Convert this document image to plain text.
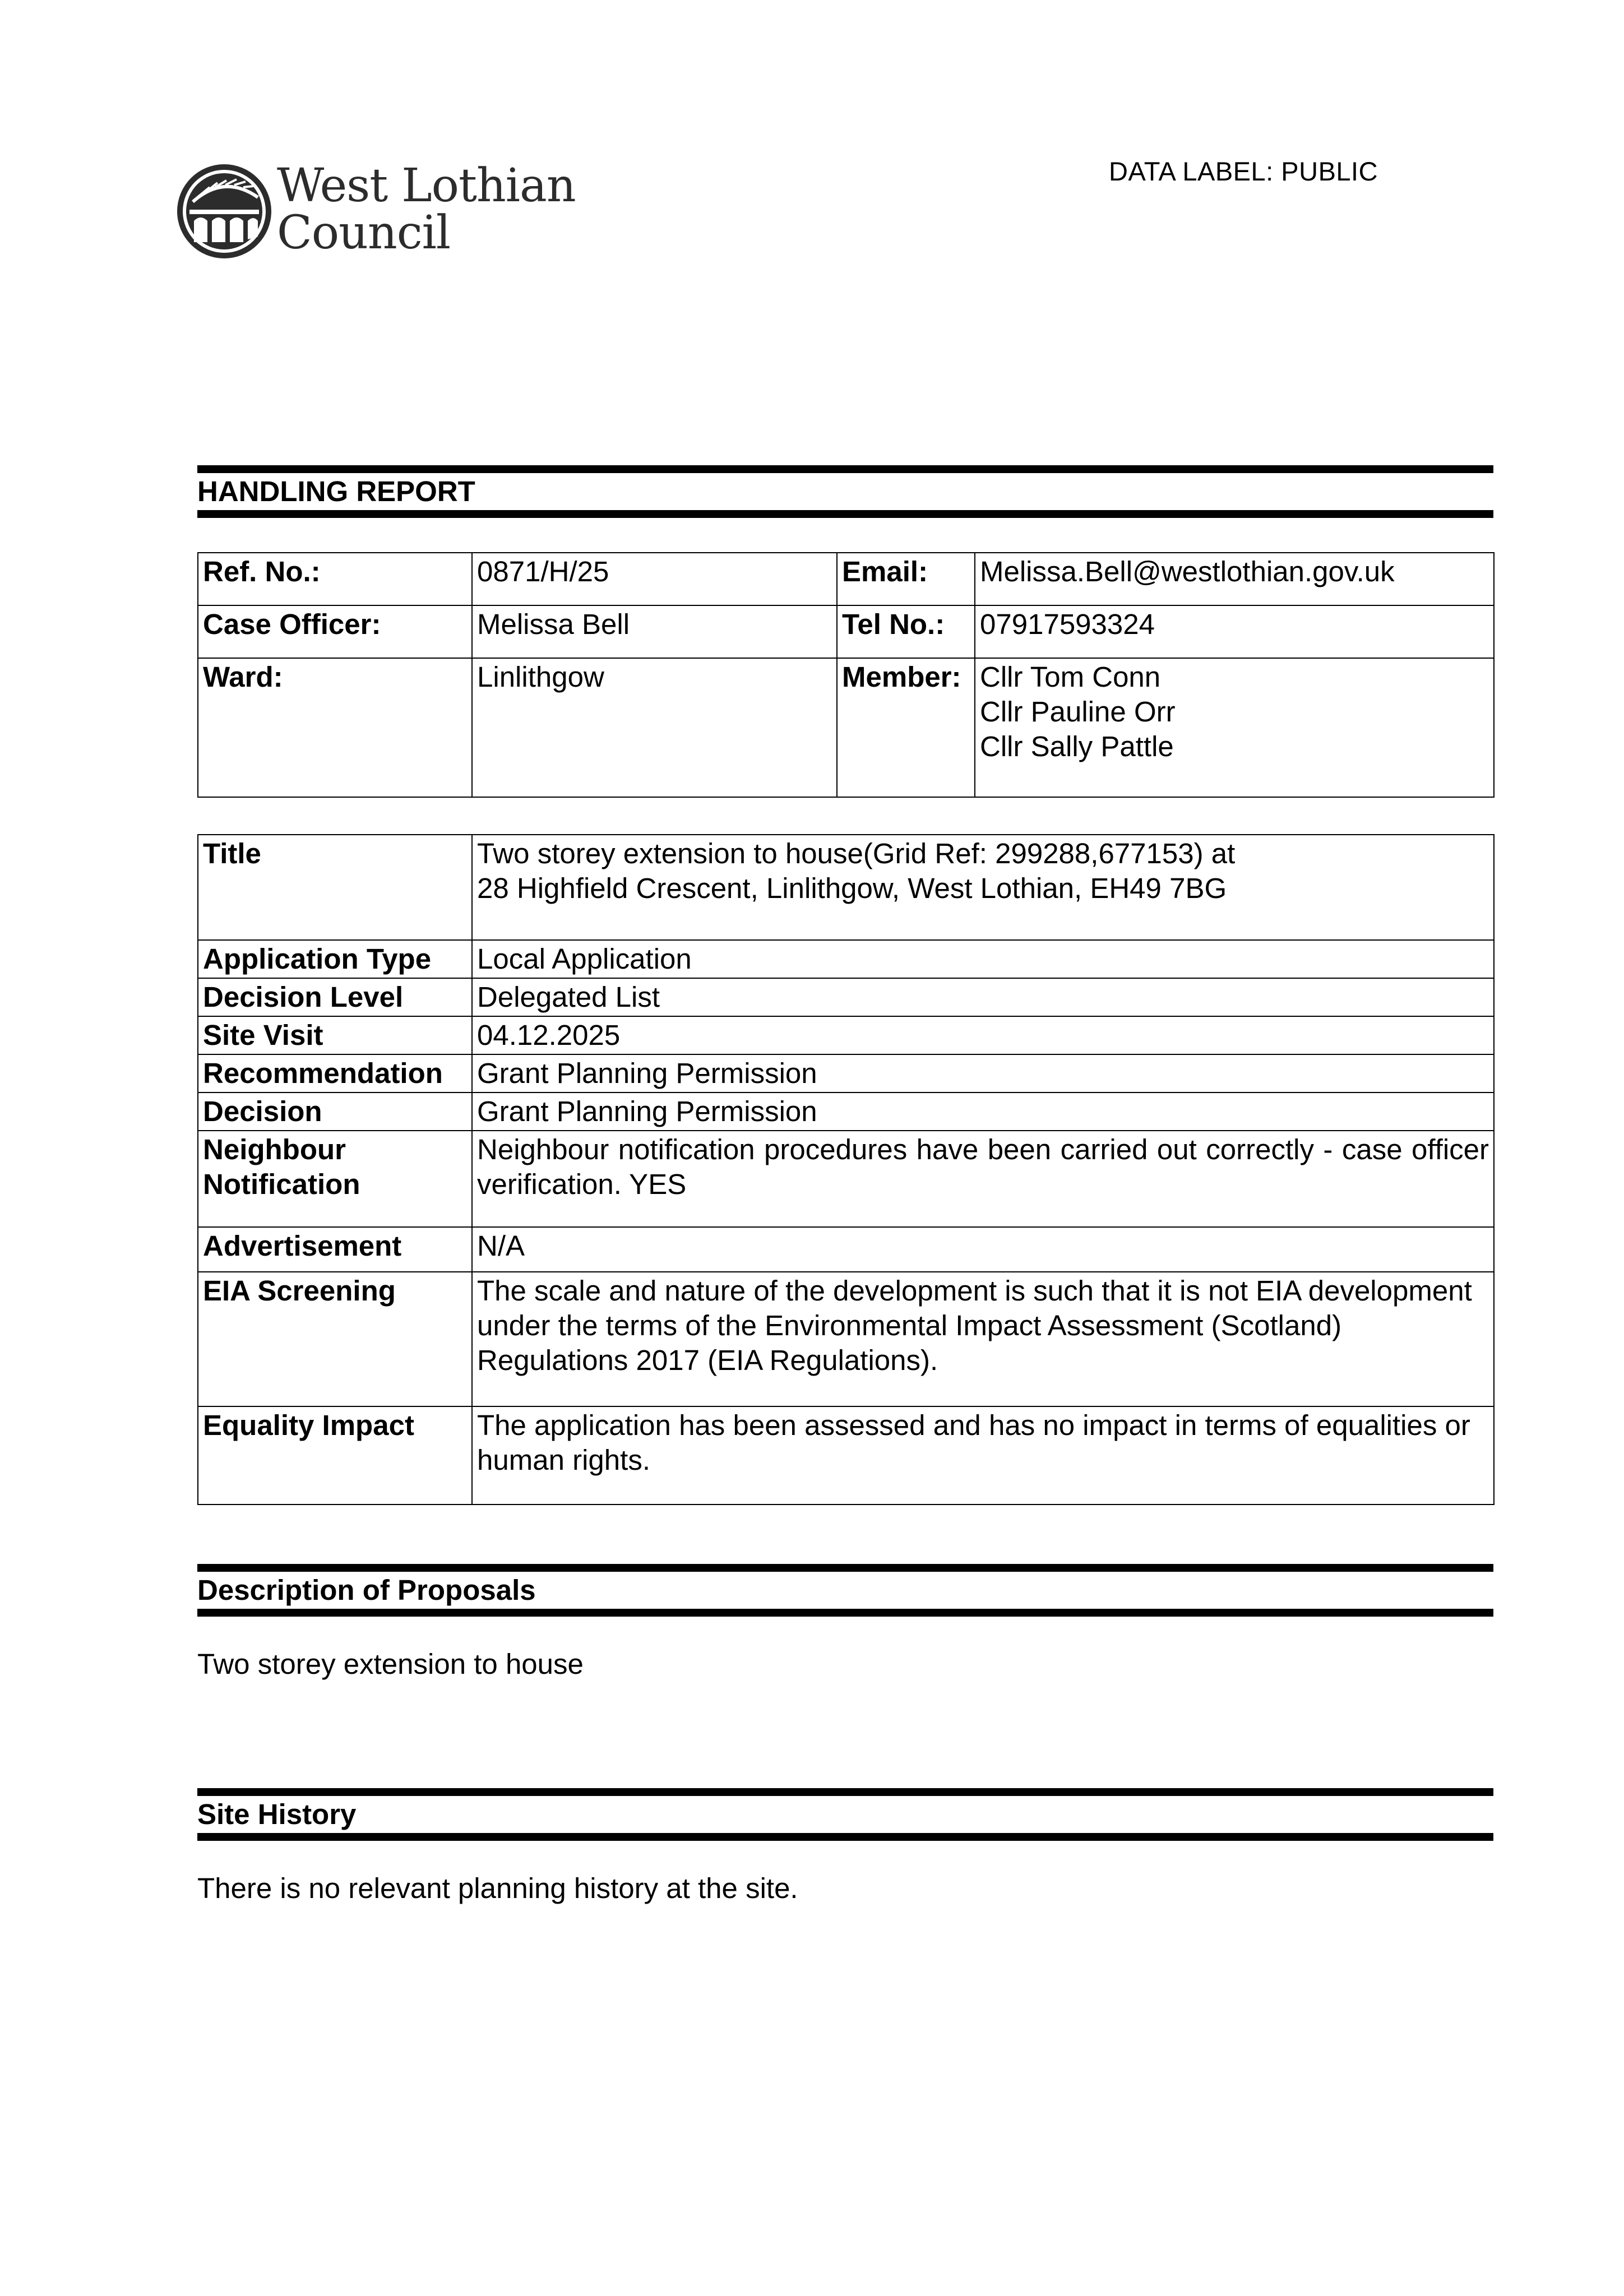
DATA LABEL: PUBLIC
West Lothian
Council
HANDLING REPORT
Ref. No.:	0871/H/25	Email:	Melissa.Bell@westlothian.gov.uk
Case Officer:	Melissa Bell	Tel No.:	07917593324
Ward:	Linlithgow	Member:	Cllr Tom Conn
Cllr Pauline Orr
Cllr Sally Pattle
Title	Two storey extension to house(Grid Ref: 299288,677153) at
28 Highfield Crescent, Linlithgow, West Lothian, EH49 7BG

Application Type	Local Application
Decision Level	Delegated List
Site Visit	04.12.2025
Recommendation	Grant Planning Permission
Decision	Grant Planning Permission
Neighbour Notification	Neighbour notification procedures have been carried out correctly - case officer verification. YES
Advertisement	N/A
EIA Screening	The scale and nature of the development is such that it is not EIA development under the terms of the Environmental Impact Assessment (Scotland) Regulations 2017 (EIA Regulations).
Equality Impact	The application has been assessed and has no impact in terms of equalities or human rights.
Description of Proposals
Two storey extension to house
Site History
There is no relevant planning history at the site.
